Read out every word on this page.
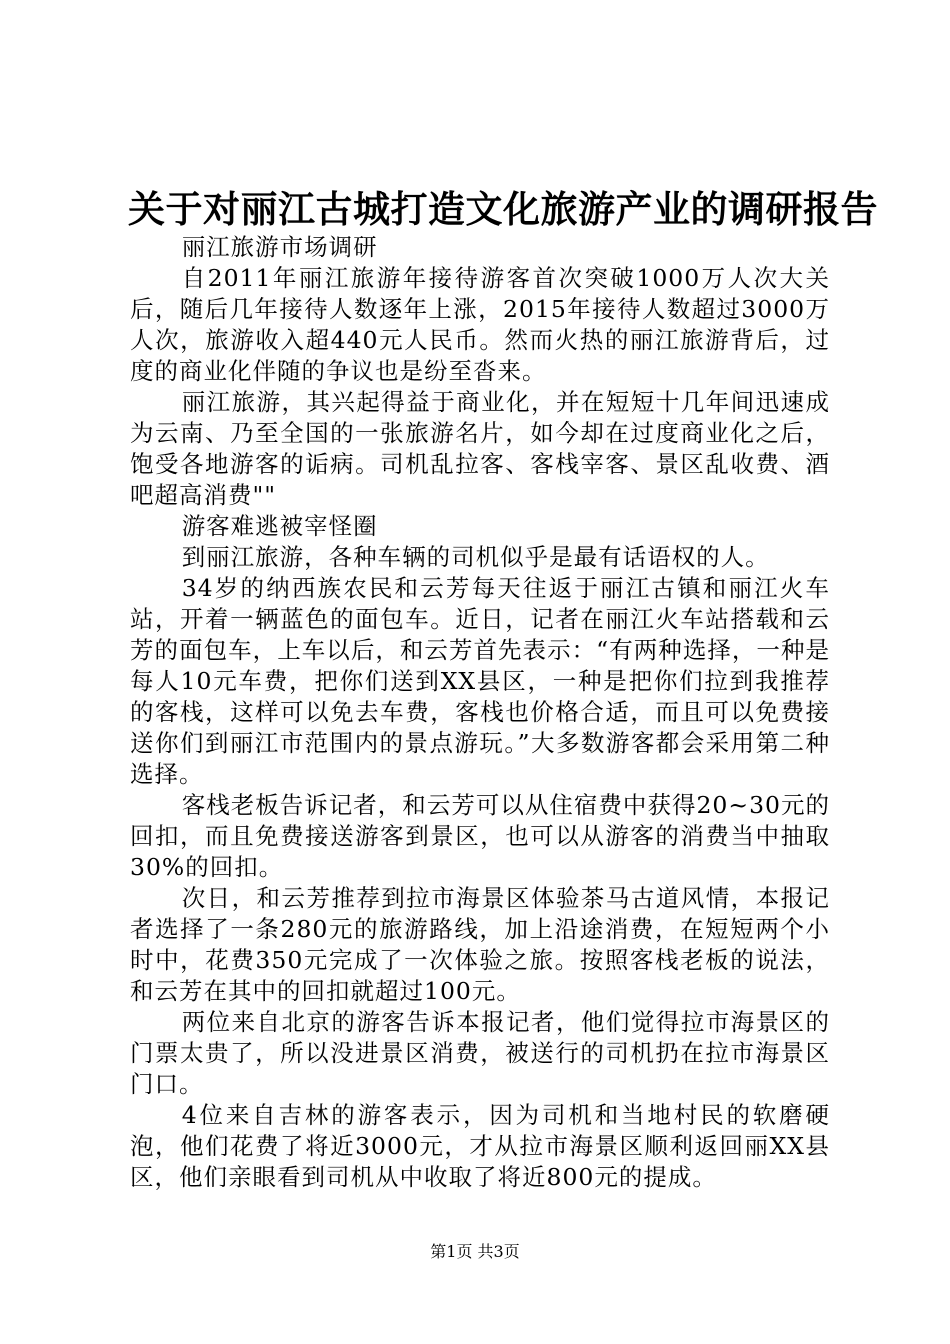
关于对丽江古城打造文化旅游产业的调研报告

丽江旅游市场调研

自2011年丽江旅游年接待游客首次突破1000万人次大关后，随后几年接待人数逐年上涨，2015年接待人数超过3000万人次，旅游收入超440元人民币。然而火热的丽江旅游背后，过度的商业化伴随的争议也是纷至沓来。

丽江旅游，其兴起得益于商业化，并在短短十几年间迅速成为云南、乃至全国的一张旅游名片，如今却在过度商业化之后，饱受各地游客的诟病。司机乱拉客、客栈宰客、景区乱收费、酒吧超高消费""

游客难逃被宰怪圈

到丽江旅游，各种车辆的司机似乎是最有话语权的人。

34岁的纳西族农民和云芳每天往返于丽江古镇和丽江火车站，开着一辆蓝色的面包车。近日，记者在丽江火车站搭载和云芳的面包车，上车以后，和云芳首先表示：“有两种选择，一种是每人10元车费，把你们送到XX县区，一种是把你们拉到我推荐的客栈，这样可以免去车费，客栈也价格合适，而且可以免费接送你们到丽江市范围内的景点游玩。”大多数游客都会采用第二种选择。

客栈老板告诉记者，和云芳可以从住宿费中获得20~30元的回扣，而且免费接送游客到景区，也可以从游客的消费当中抽取30%的回扣。

次日，和云芳推荐到拉市海景区体验茶马古道风情，本报记者选择了一条280元的旅游路线，加上沿途消费，在短短两个小时中，花费350元完成了一次体验之旅。按照客栈老板的说法，和云芳在其中的回扣就超过100元。

两位来自北京的游客告诉本报记者，他们觉得拉市海景区的门票太贵了，所以没进景区消费，被送行的司机扔在拉市海景区门口。

4位来自吉林的游客表示，因为司机和当地村民的软磨硬泡，他们花费了将近3000元，才从拉市海景区顺利返回丽XX县区，他们亲眼看到司机从中收取了将近800元的提成。

第1页 共3页
